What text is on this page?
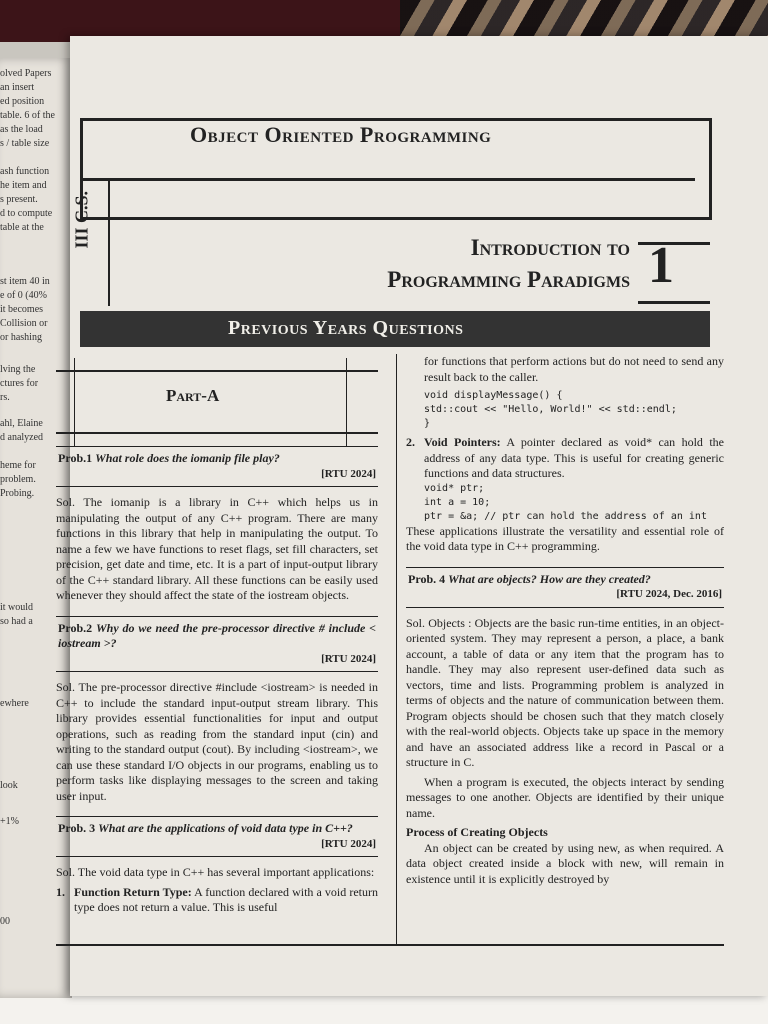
olved Papers
an insert
ed position
table. 6 of the
as the load
s / table size
ash function
he item and
s present.
d to compute
table at the
st item 40 in
e of 0 (40%
it becomes
Collision or
or hashing
lving the
ctures for
rs.
ahl, Elaine
d analyzed
heme for
problem.
Probing.
it would
so had a
ewhere
look
+1%
00
Object Oriented Programming
III C.S.	Introduction to
Programming Paradigms 1
Previous Years Questions
Part-A
Prob.1 What role does the iomanip file play?
[RTU 2024]

Sol. The iomanip is a library in C++ which helps us in manipulating the output of any C++ program. There are many functions in this library that help in manipulating the output. To name a few we have functions to reset flags, set fill characters, set precision, get date and time, etc. It is a part of input-output library of the C++ standard library. All these functions can be easily used whenever they should affect the state of the iostream objects.

Prob.2 Why do we need the pre-processor directive # include < iostream >?
[RTU 2024]

Sol. The pre-processor directive #include <iostream> is needed in C++ to include the standard input-output stream library. This library provides essential functionalities for input and output operations, such as reading from the standard input (cin) and writing to the standard output (cout). By including <iostream>, we can use these standard I/O objects in our programs, enabling us to perform tasks like displaying messages to the screen and taking user input.

Prob. 3 What are the applications of void data type in C++?
[RTU 2024]

Sol. The void data type in C++ has several important applications:

1. Function Return Type: A function declared with a void return type does not return a value. This is useful

for functions that perform actions but do not need to send any result back to the caller.

void displayMessage() {
std::cout << "Hello, World!" << std::endl;
}
2. Void Pointers: A pointer declared as void* can hold the address of any data type. This is useful for creating generic functions and data structures.
void* ptr;
int a = 10;
ptr = &a; // ptr can hold the address of an int

These applications illustrate the versatility and essential role of the void data type in C++ programming.

Prob. 4 What are objects? How are they created?
[RTU 2024, Dec. 2016]

Sol. Objects : Objects are the basic run-time entities, in an object-oriented system. They may represent a person, a place, a bank account, a table of data or any item that the program has to handle. They may also represent user-defined data such as vectors, time and lists. Programming problem is analyzed in terms of objects and the nature of communication between them. Program objects should be chosen such that they match closely with the real-world objects. Objects take up space in the memory and have an associated address like a record in Pascal or a structure in C.

When a program is executed, the objects interact by sending messages to one another. Objects are identified by their unique name.

Process of Creating Objects

An object can be created by using new, as when required. A data object created inside a block with new, will remain in existence until it is explicitly destroyed by
